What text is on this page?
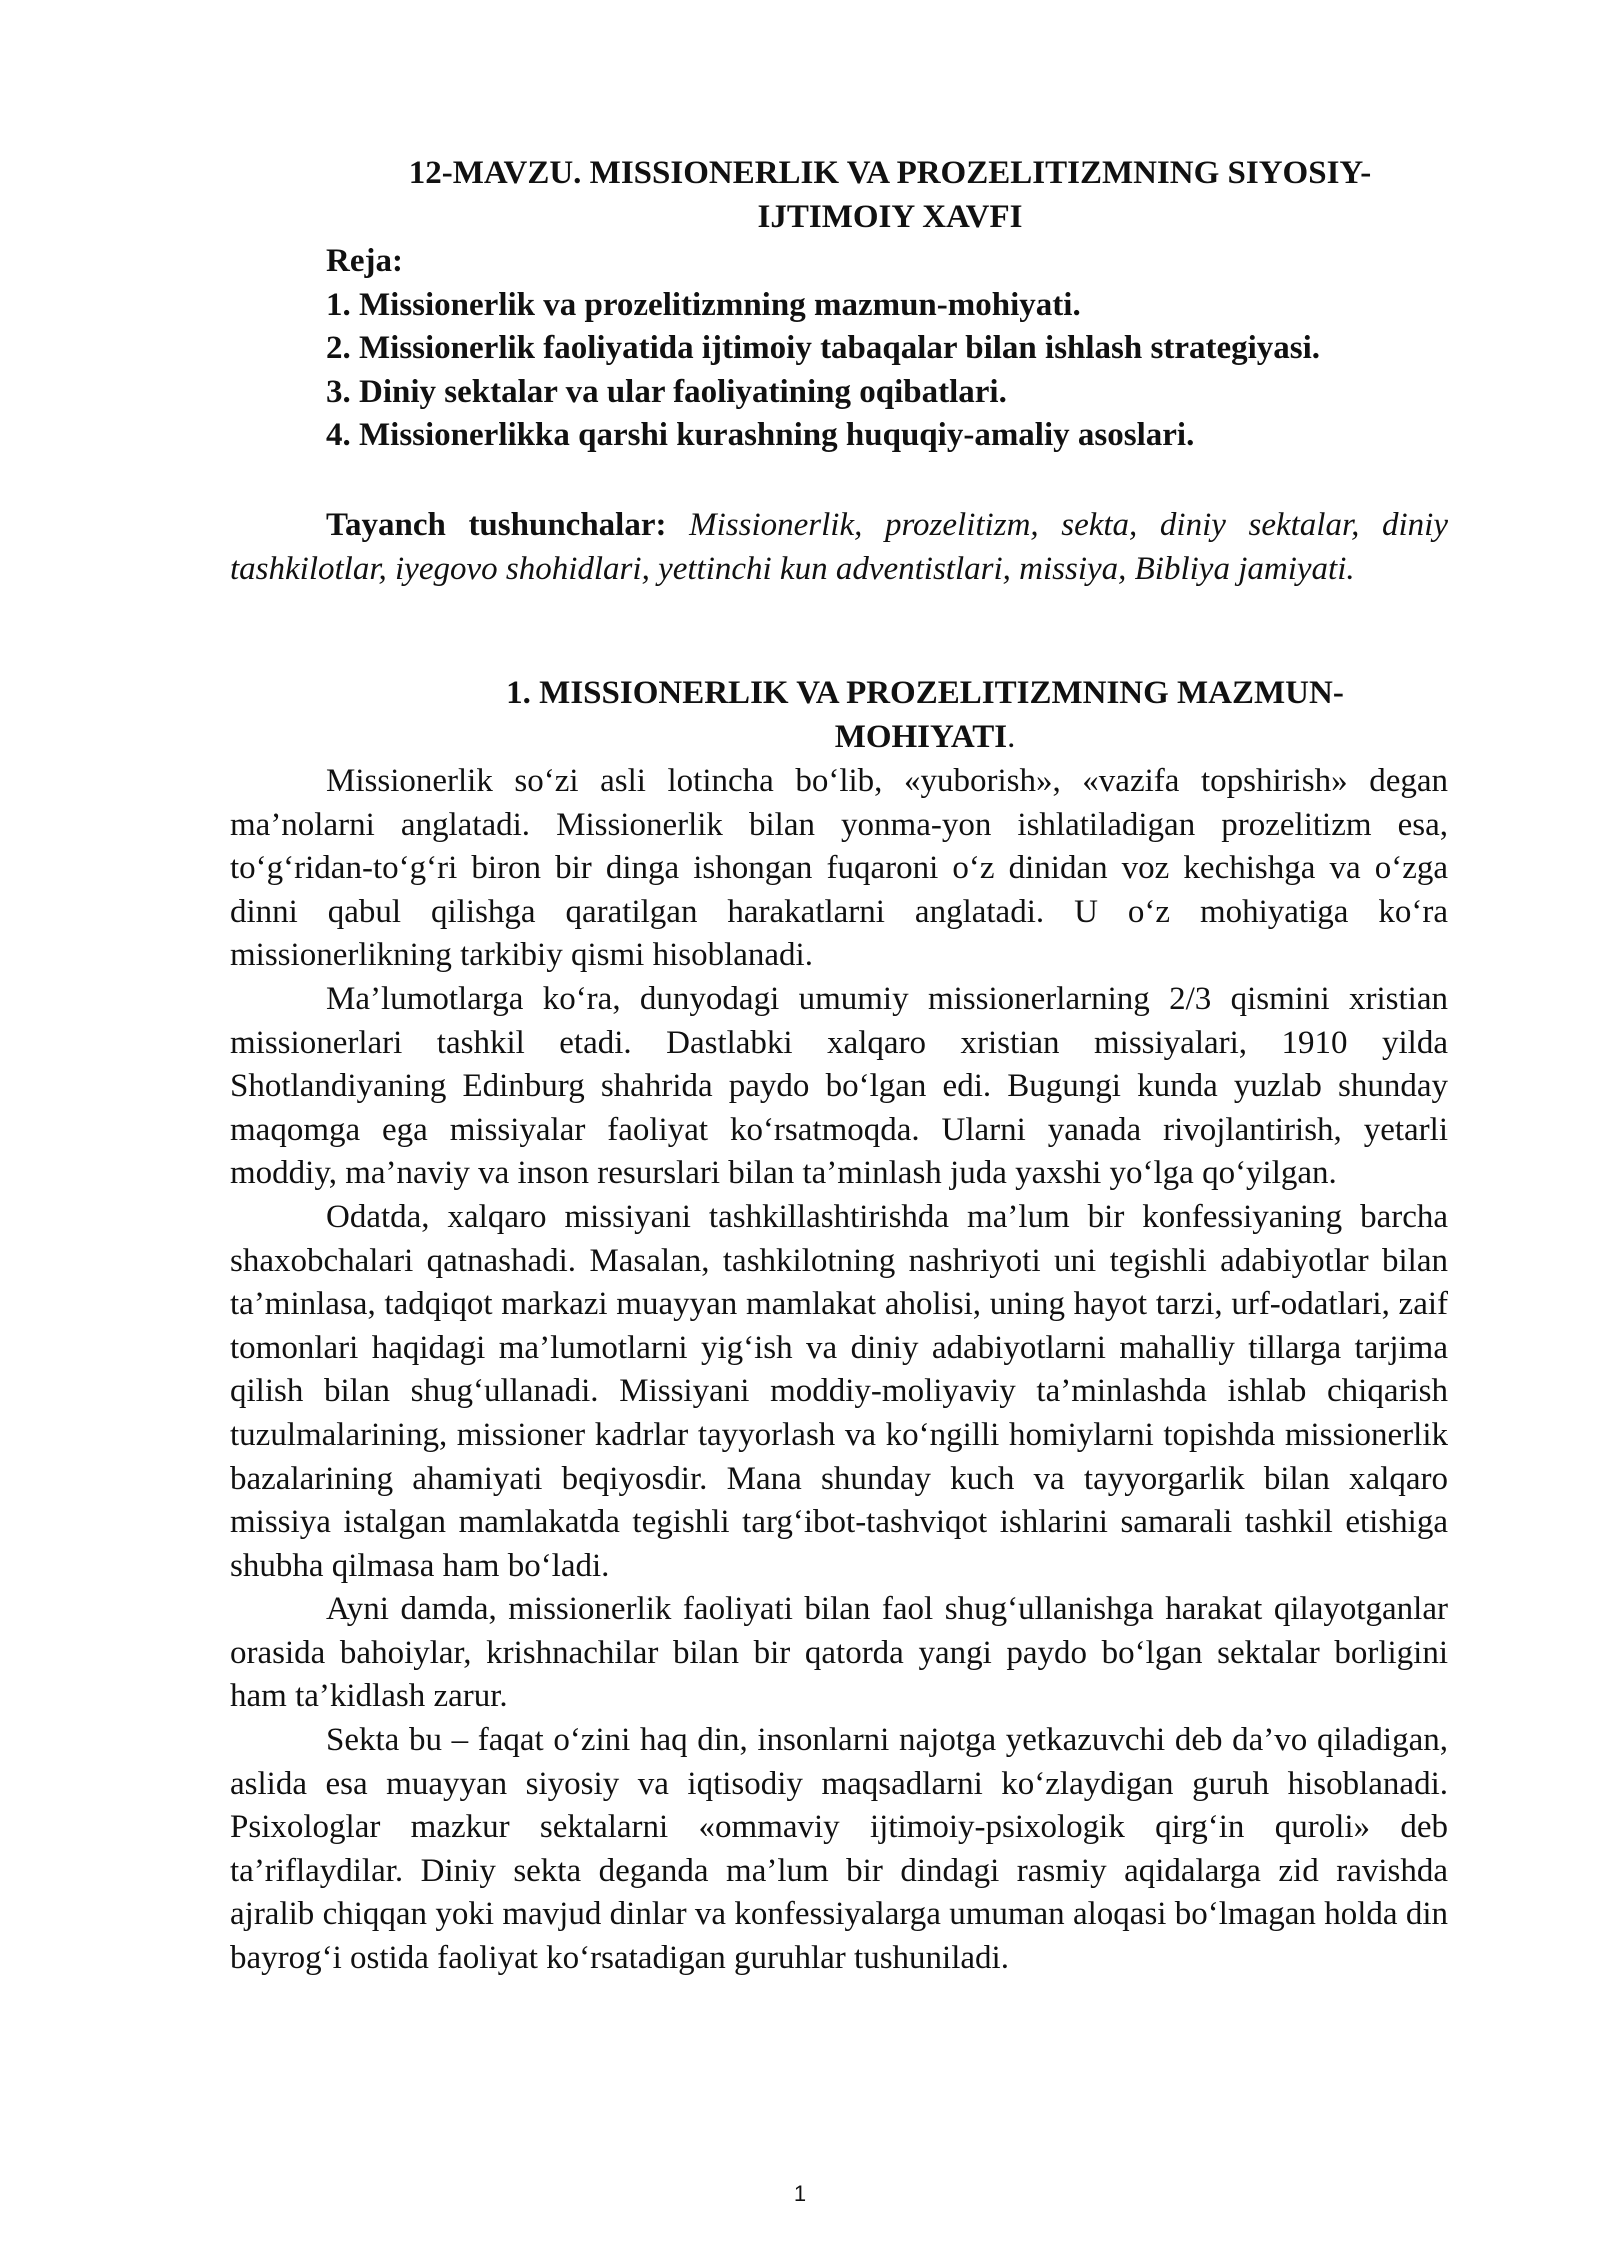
12-MAVZU. MISSIONERLIK VA PROZELITIZMNING SIYOSIY-
IJTIMOIY XAVFI
Reja:
1. Missionerlik va prozelitizmning mazmun-mohiyati.
2. Missionerlik faoliyatida ijtimoiy tabaqalar bilan ishlash strategiyasi.
3. Diniy sektalar va ular faoliyatining oqibatlari.
4. Missionerlikka qarshi kurashning huquqiy-amaliy asoslari.

Tayanch tushunchalar: Missionerlik, prozelitizm, sekta, diniy sektalar, diniy tashkilotlar, iyegovo shohidlari, yettinchi kun adventistlari, missiya, Bibliya jamiyati.

1. MISSIONERLIK VA PROZELITIZMNING MAZMUN-
MOHIYATI.

Missionerlik so‘zi asli lotincha bo‘lib, «yuborish», «vazifa topshirish» degan ma’nolarni anglatadi. Missionerlik bilan yonma-yon ishlatiladigan prozelitizm esa, to‘g‘ridan-to‘g‘ri biron bir dinga ishongan fuqaroni o‘z dinidan voz kechishga va o‘zga dinni qabul qilishga qaratilgan harakatlarni anglatadi. U o‘z mohiyatiga ko‘ra missionerlikning tarkibiy qismi hisoblanadi.

Ma’lumotlarga ko‘ra, dunyodagi umumiy missionerlarning 2/3 qismini xristian missionerlari tashkil etadi. Dastlabki xalqaro xristian missiyalari, 1910 yilda Shotlandiyaning Edinburg shahrida paydo bo‘lgan edi. Bugungi kunda yuzlab shunday maqomga ega missiyalar faoliyat ko‘rsatmoqda. Ularni yanada rivojlantirish, yetarli moddiy, ma’naviy va inson resurslari bilan ta’minlash juda yaxshi yo‘lga qo‘yilgan.

Odatda, xalqaro missiyani tashkillashtirishda ma’lum bir konfessiyaning barcha shaxobchalari qatnashadi. Masalan, tashkilotning nashriyoti uni tegishli adabiyotlar bilan ta’minlasa, tadqiqot markazi muayyan mamlakat aholisi, uning hayot tarzi, urf-odatlari, zaif tomonlari haqidagi ma’lumotlarni yig‘ish va diniy adabiyotlarni mahalliy tillarga tarjima qilish bilan shug‘ullanadi. Missiyani moddiy-moliyaviy ta’minlashda ishlab chiqarish tuzulmalarining, missioner kadrlar tayyorlash va ko‘ngilli homiylarni topishda missionerlik bazalarining ahamiyati beqiyosdir. Mana shunday kuch va tayyorgarlik bilan xalqaro missiya istalgan mamlakatda tegishli targ‘ibot-tashviqot ishlarini samarali tashkil etishiga shubha qilmasa ham bo‘ladi.

Ayni damda, missionerlik faoliyati bilan faol shug‘ullanishga harakat qilayotganlar orasida bahoiylar, krishnachilar bilan bir qatorda yangi paydo bo‘lgan sektalar borligini ham ta’kidlash zarur.

Sekta bu – faqat o‘zini haq din, insonlarni najotga yetkazuvchi deb da’vo qiladigan, aslida esa muayyan siyosiy va iqtisodiy maqsadlarni ko‘zlaydigan guruh hisoblanadi. Psixologlar mazkur sektalarni «ommaviy ijtimoiy-psixologik qirg‘in quroli» deb ta’riflaydilar. Diniy sekta deganda ma’lum bir dindagi rasmiy aqidalarga zid ravishda ajralib chiqqan yoki mavjud dinlar va konfessiyalarga umuman aloqasi bo‘lmagan holda din bayrog‘i ostida faoliyat ko‘rsatadigan guruhlar tushuniladi.

1
